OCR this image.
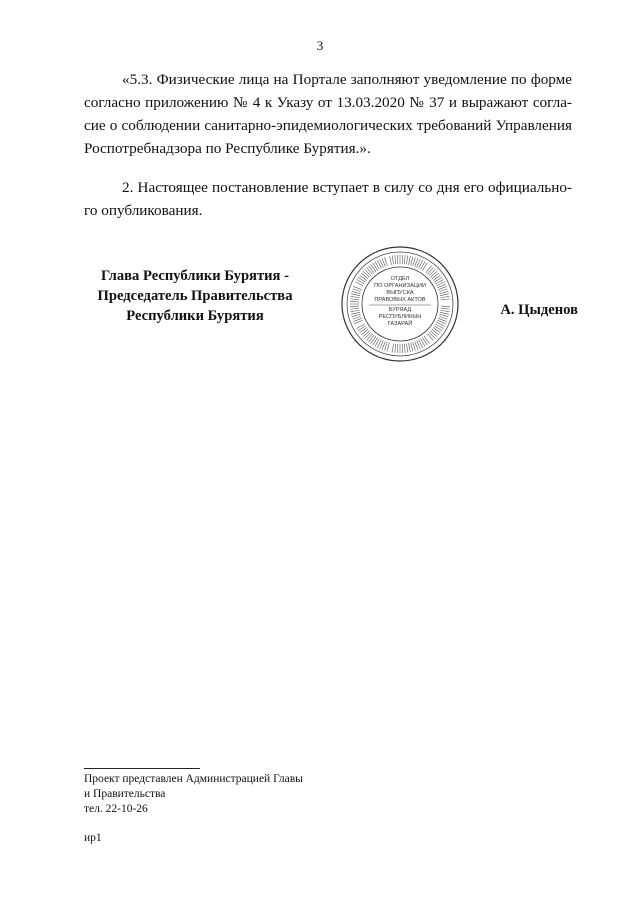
3
«5.3. Физические лица на Портале заполняют уведомление по форме
согласно приложению № 4 к Указу от 13.03.2020 № 37 и выражают согла-
сие о соблюдении санитарно-эпидемиологических требований Управления
Роспотребнадзора по Республике Бурятия.».
2. Настоящее постановление вступает в силу со дня его официально-
го опубликования.
Глава Республики Бурятия -
Председатель Правительства
Республики Бурятия
ОТДЕЛ
ПО ОРГАНИЗАЦИИ
ВЫПУСКА
ПРАВОВЫХ АКТОВ
БУРЯАД
РЕСПУБЛИКЫН
ГАЗАРАЙ
А. Цыденов
Проект представлен Администрацией Главы
и Правительства
тел. 22-10-26
ир1
